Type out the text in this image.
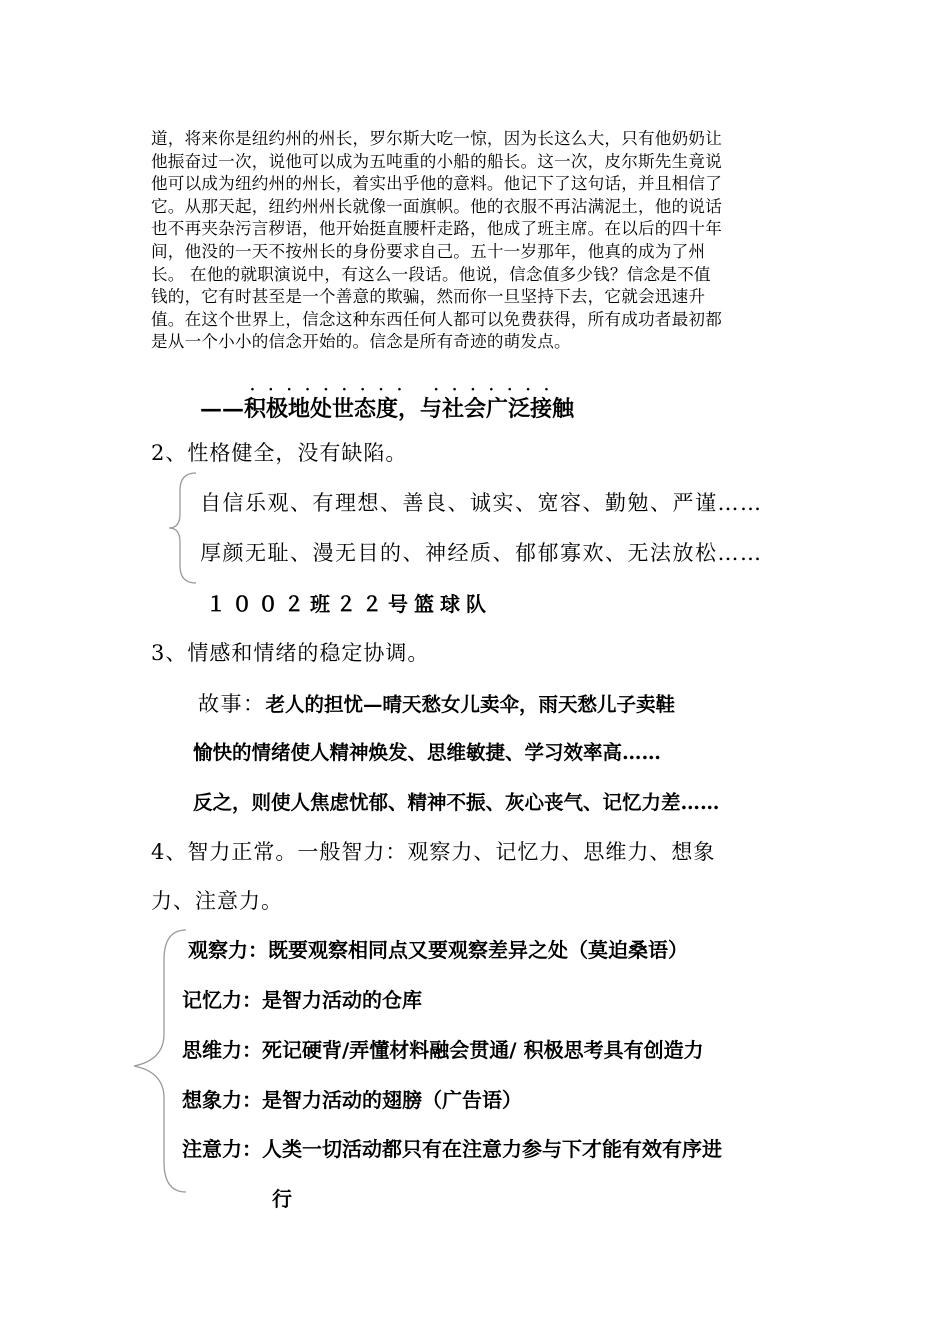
道，将来你是纽约州的州长，罗尔斯大吃一惊，因为长这么大，只有他奶奶让
他振奋过一次，说他可以成为五吨重的小船的船长。这一次，皮尔斯先生竟说
他可以成为纽约州的州长，着实出乎他的意料。他记下了这句话，并且相信了
它。从那天起，纽约州州长就像一面旗帜。他的衣服不再沾满泥土，他的说话
也不再夹杂污言秽语，他开始挺直腰杆走路，他成了班主席。在以后的四十年
间，他没的一天不按州长的身份要求自己。五十一岁那年，他真的成为了州
长。 在他的就职演说中，有这么一段话。他说，信念值多少钱？信念是不值
钱的，它有时甚至是一个善意的欺骗，然而你一旦坚持下去，它就会迅速升
值。在这个世界上，信念这种东西任何人都可以免费获得，所有成功者最初都
是从一个小小的信念开始的。信念是所有奇迹的萌发点。
········· ·······
——积极地处世态度，与社会广泛接触
2、性格健全，没有缺陷。
自信乐观、有理想、善良、诚实、宽容、勤勉、严谨……
厚颜无耻、漫无目的、神经质、郁郁寡欢、无法放松……
１００２班２２号篮球队
3、情感和情绪的稳定协调。
故事：老人的担忧—晴天愁女儿卖伞，雨天愁儿子卖鞋
愉快的情绪使人精神焕发、思维敏捷、学习效率高……
反之，则使人焦虑忧郁、精神不振、灰心丧气、记忆力差……
4、智力正常。一般智力：观察力、记忆力、思维力、想象
力、注意力。
观察力：既要观察相同点又要观察差异之处（莫迫桑语）
记忆力：是智力活动的仓库
思维力：死记硬背/弄懂材料融会贯通/ 积极思考具有创造力
想象力：是智力活动的翅膀（广告语）
注意力：人类一切活动都只有在注意力参与下才能有效有序进
行
